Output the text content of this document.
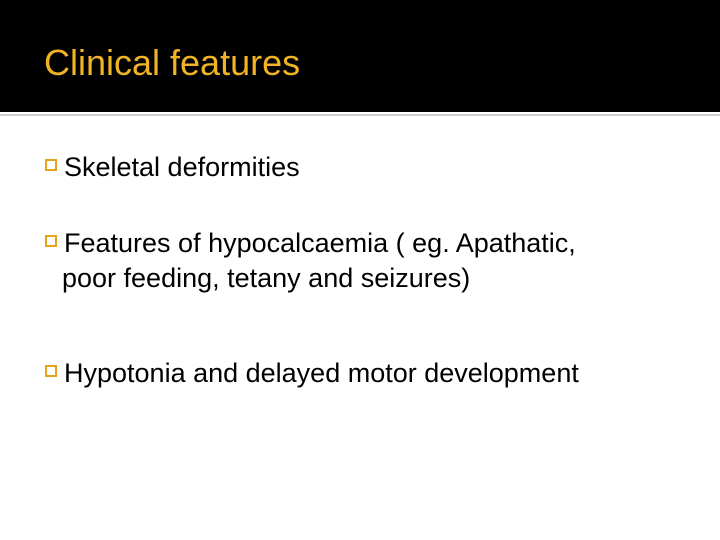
Clinical features
Skeletal deformities
Features of hypocalcaemia ( eg. Apathatic,
poor feeding, tetany and seizures)
Hypotonia and delayed motor development
